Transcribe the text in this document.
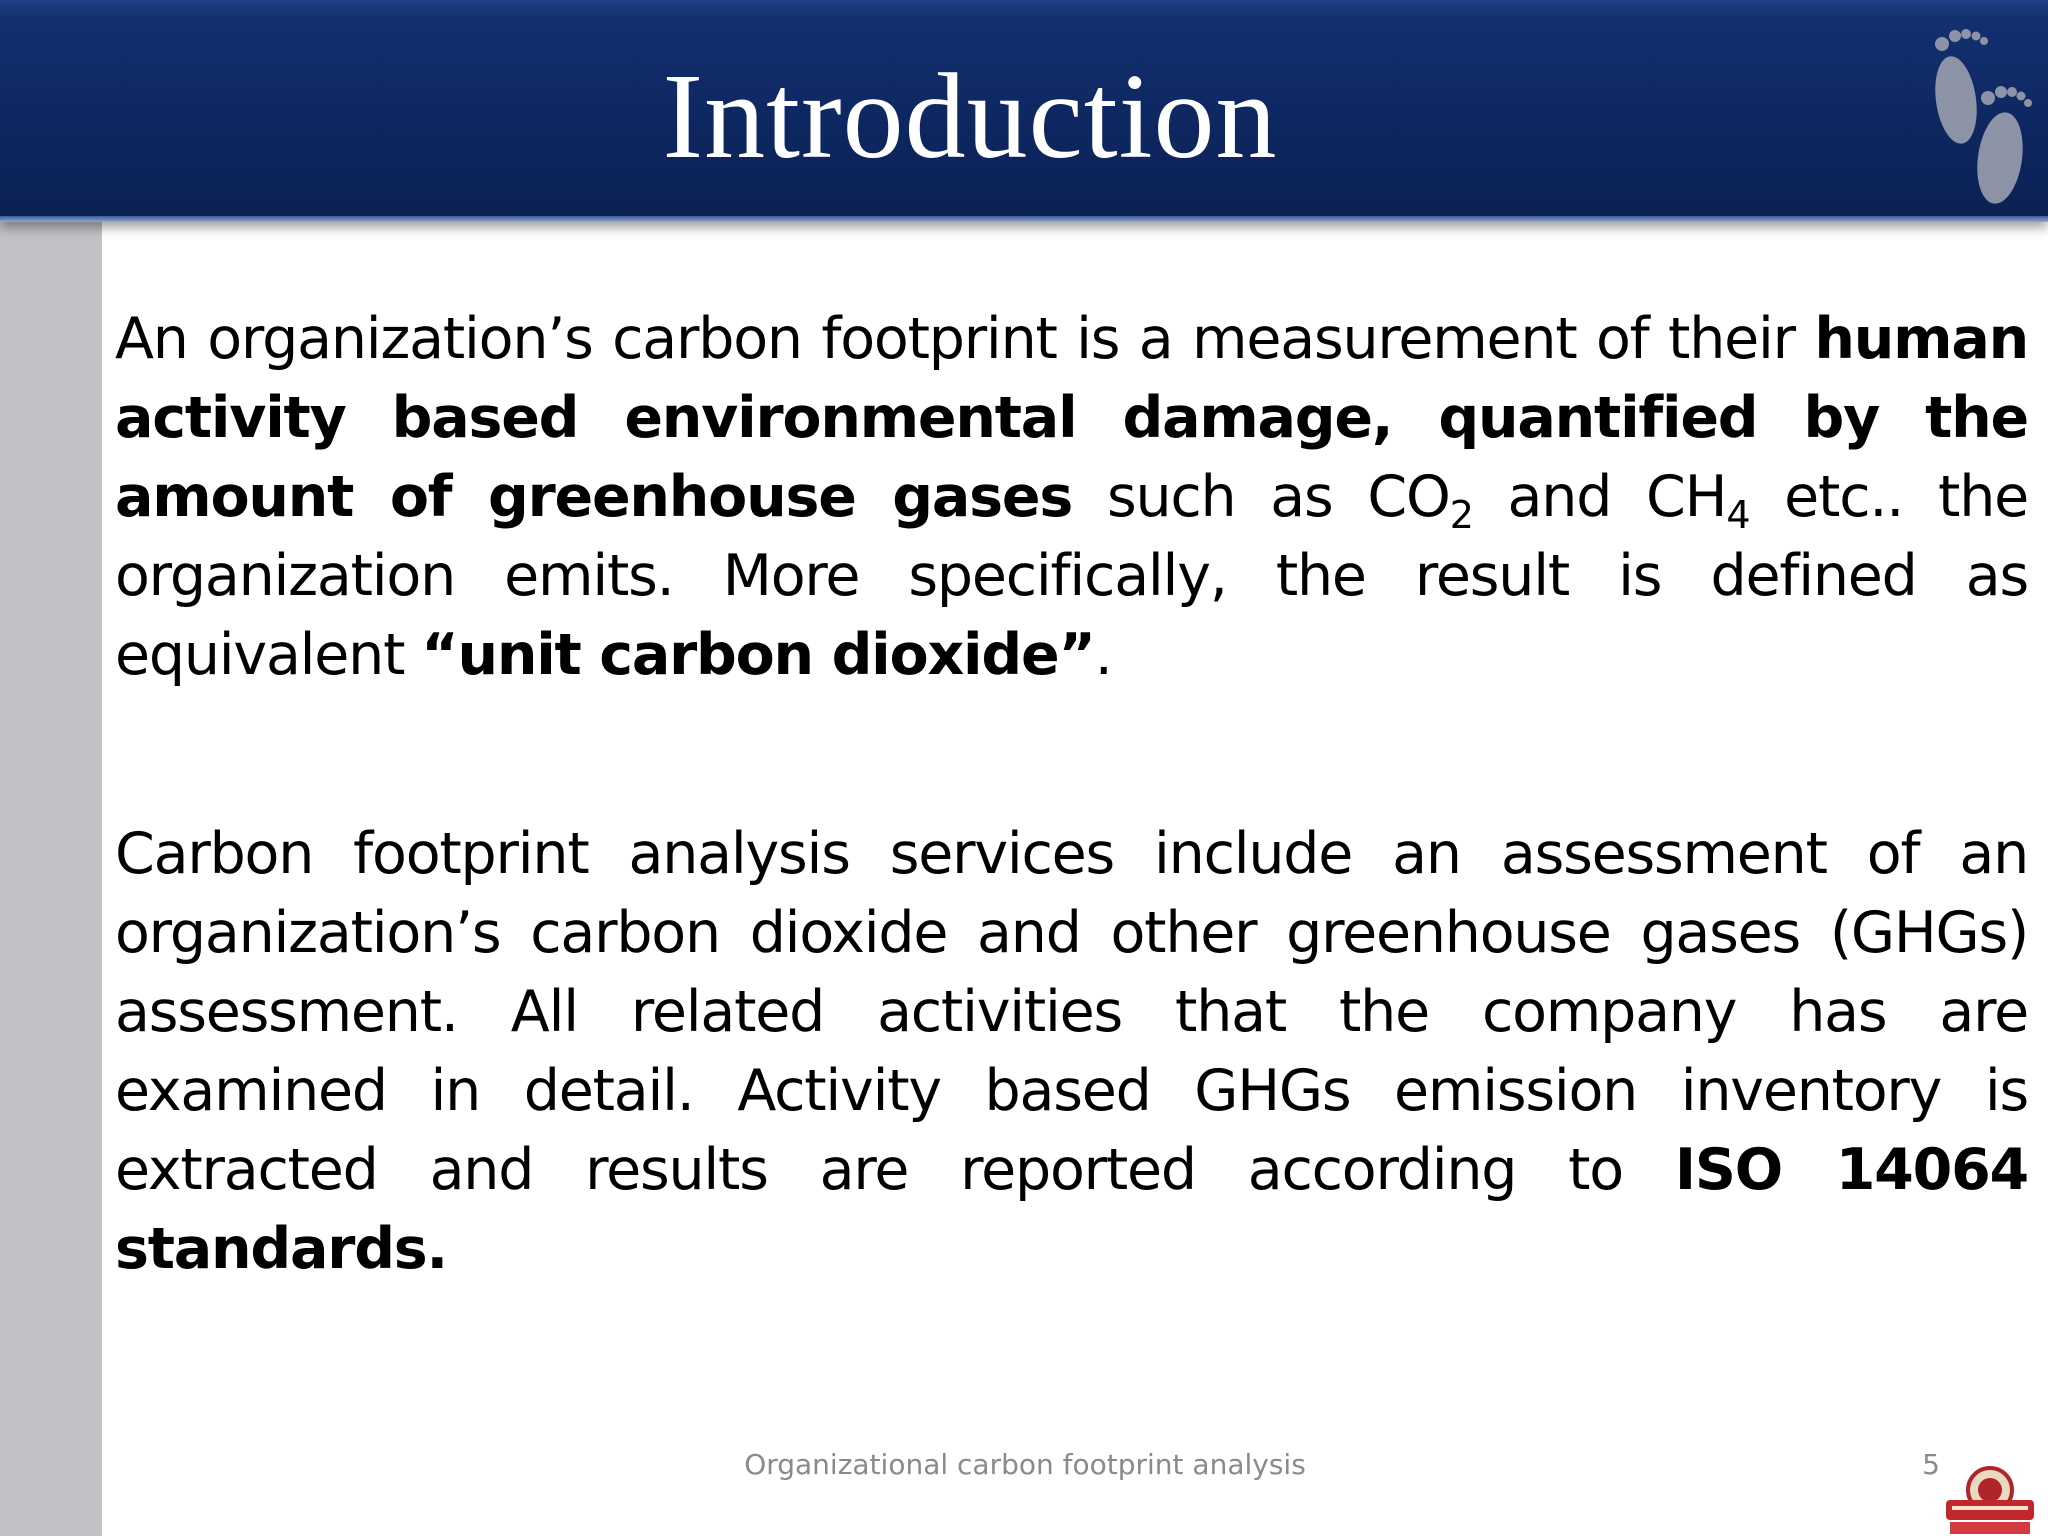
Introduction

An organization’s carbon footprint is a measurement of their human activity based environmental damage, quantified by the amount of greenhouse gases such as $CO_2$ and $CH_4$ etc.. the organization emits. More specifically, the result is defined as equivalent “unit carbon dioxide”.

Carbon footprint analysis services include an assessment of an organization’s carbon dioxide and other greenhouse gases (GHGs) assessment. All related activities that the company has are examined in detail. Activity based GHGs emission inventory is extracted and results are reported according to ISO 14064 standards.

Organizational carbon footprint analysis	5
